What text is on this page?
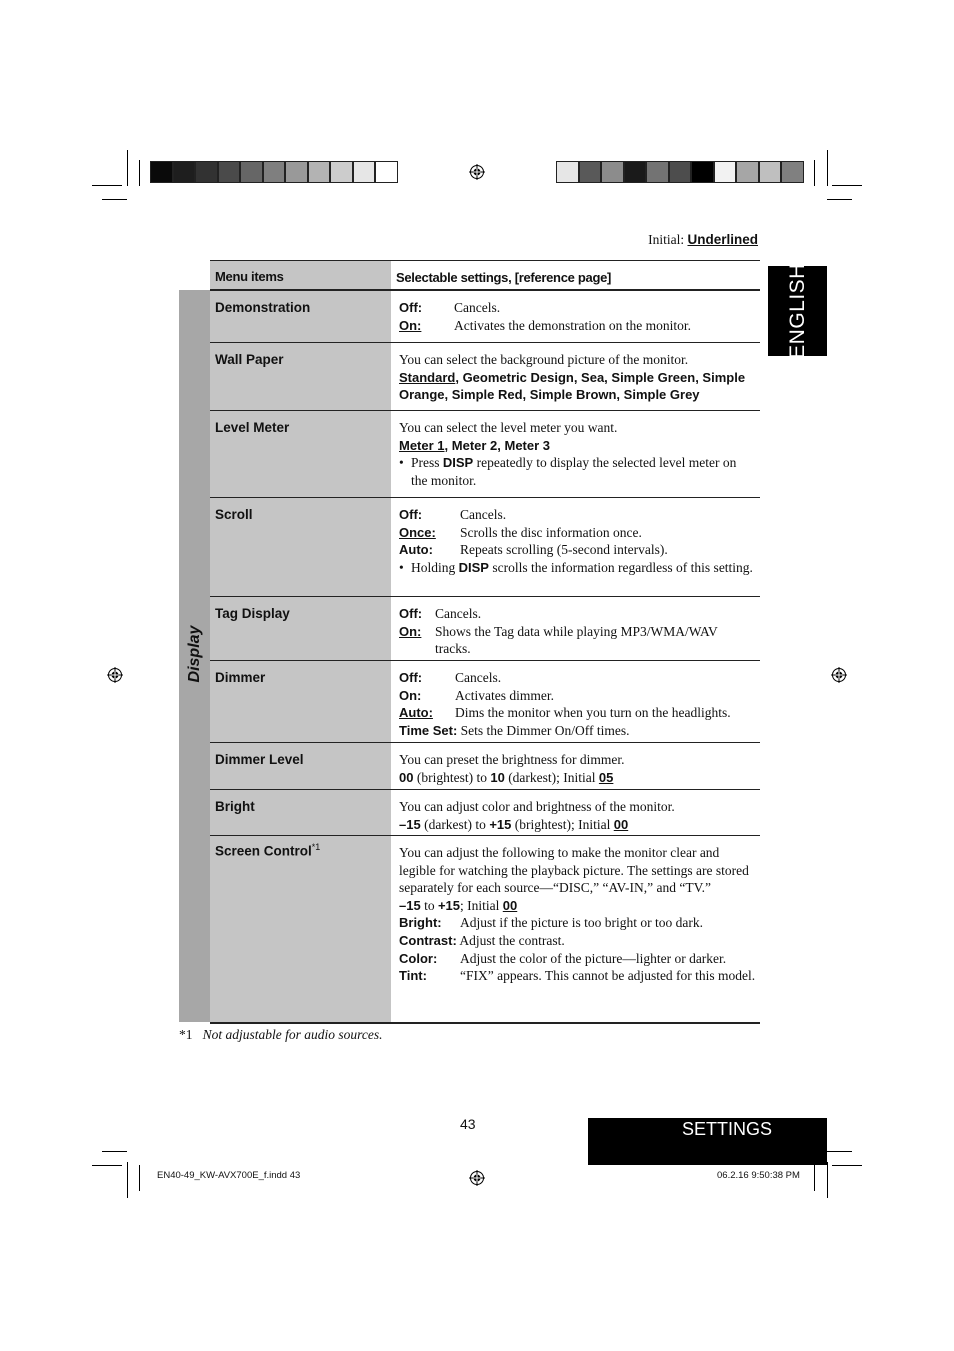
Initial: Underlined
ENGLISH
Display
Menu items	Selectable settings, [reference page]
Demonstration	Off:	Cancels.
On:	Activates the demonstration on the monitor.
Wall Paper	You can select the background picture of the monitor.
Standard, Geometric Design, Sea, Simple Green, Simple Orange, Simple Red, Simple Brown, Simple Grey
Level Meter	You can select the level meter you want.
Meter 1, Meter 2, Meter 3
• Press DISP repeatedly to display the selected level meter on the monitor.
Scroll	Off:	Cancels.
Once:	Scrolls the disc information once.
Auto:	Repeats scrolling (5-second intervals).
• Holding DISP scrolls the information regardless of this setting.
Tag Display	Off: Cancels.
On:	Shows the Tag data while playing MP3/WMA/WAV tracks.
Dimmer	Off:	Cancels.
On:	Activates dimmer.
Auto:	Dims the monitor when you turn on the headlights.
Time Set: Sets the Dimmer On/Off times.
Dimmer Level	You can preset the brightness for dimmer.
00 (brightest) to 10 (darkest); Initial 05
Bright	You can adjust color and brightness of the monitor.
–15 (darkest) to +15 (brightest); Initial 00
Screen Control$^{*1}$	You can adjust the following to make the monitor clear and legible for watching the playback picture. The settings are stored separately for each source—“DISC,” “AV-IN,” and “TV.”
–15 to +15; Initial 00
Bright:	Adjust if the picture is too bright or too dark.
Contrast: Adjust the contrast.
Color:	Adjust the color of the picture—lighter or darker.
Tint:	“FIX” appears. This cannot be adjusted for this model.
*1 Not adjustable for audio sources.
43	SETTINGS
EN40-49_KW-AVX700E_f.indd 43	06.2.16 9:50:38 PM
